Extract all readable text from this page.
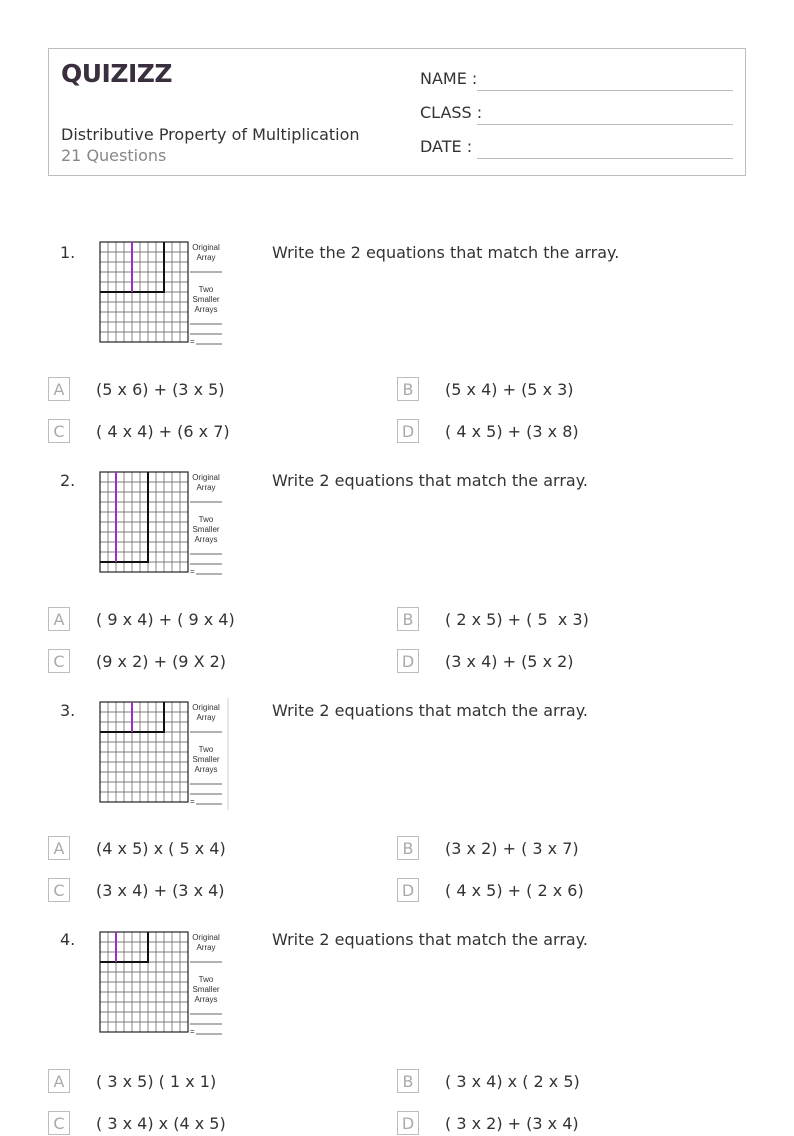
QUIZIZZ
Distributive Property of Multiplication
21 Questions
NAME :
CLASS :
DATE :
1.	Original
Array
Two
Smaller
Arrays
=
Write the 2 equations that match the array.
A	(5 x 6) + (3 x 5)	B	(5 x 4) + (5 x 3)
C	( 4 x 4) + (6 x 7)	D	( 4 x 5) + (3 x 8)
2.	Original
Array
Two
Smaller
Arrays
=
Write 2 equations that match the array.
A	( 9 x 4) + ( 9 x 4)	B	( 2 x 5) + ( 5  x 3)
C	(9 x 2) + (9 X 2)	D	(3 x 4) + (5 x 2)
3.	Original
Array
Two
Smaller
Arrays
=
Write 2 equations that match the array.
A	(4 x 5) x ( 5 x 4)	B	(3 x 2) + ( 3 x 7)
C	(3 x 4) + (3 x 4)	D	( 4 x 5) + ( 2 x 6)
4.	Original
Array
Two
Smaller
Arrays
=
Write 2 equations that match the array.
A	( 3 x 5) ( 1 x 1)	B	( 3 x 4) x ( 2 x 5)
C	( 3 x 4) x (4 x 5)	D	( 3 x 2) + (3 x 4)
